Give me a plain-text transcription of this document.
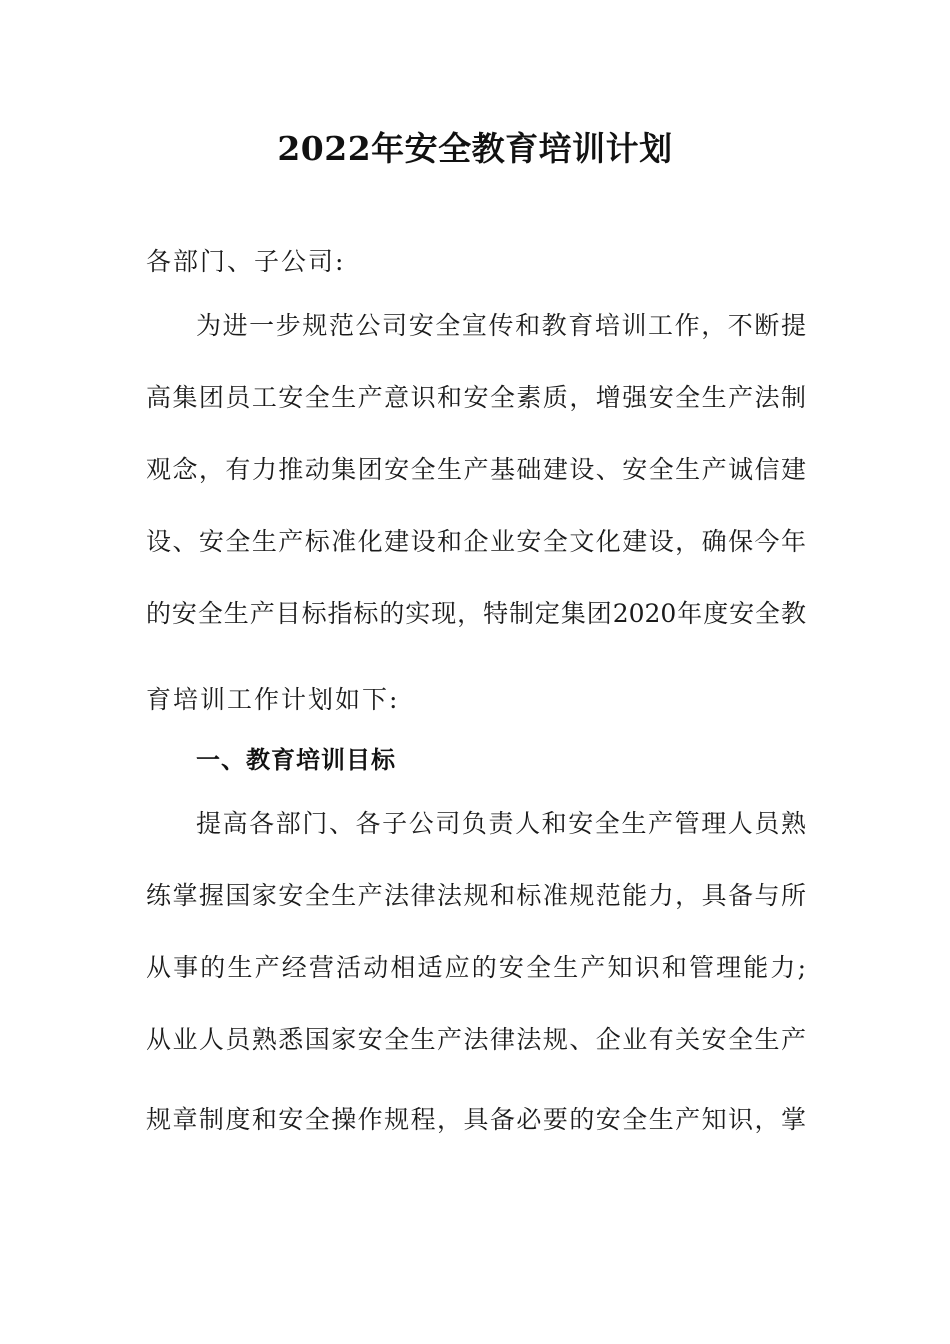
2022年安全教育培训计划
各部门、子公司:
为进一步规范公司安全宣传和教育培训工作，不断提
高集团员工安全生产意识和安全素质，增强安全生产法制
观念，有力推动集团安全生产基础建设、安全生产诚信建
设、安全生产标准化建设和企业安全文化建设，确保今年
的安全生产目标指标的实现，特制定集团2020年度安全教
育培训工作计划如下:
一、教育培训目标
提高各部门、各子公司负责人和安全生产管理人员熟
练掌握国家安全生产法律法规和标准规范能力，具备与所
从事的生产经营活动相适应的安全生产知识和管理能力;
从业人员熟悉国家安全生产法律法规、企业有关安全生产
规章制度和安全操作规程，具备必要的安全生产知识，掌
